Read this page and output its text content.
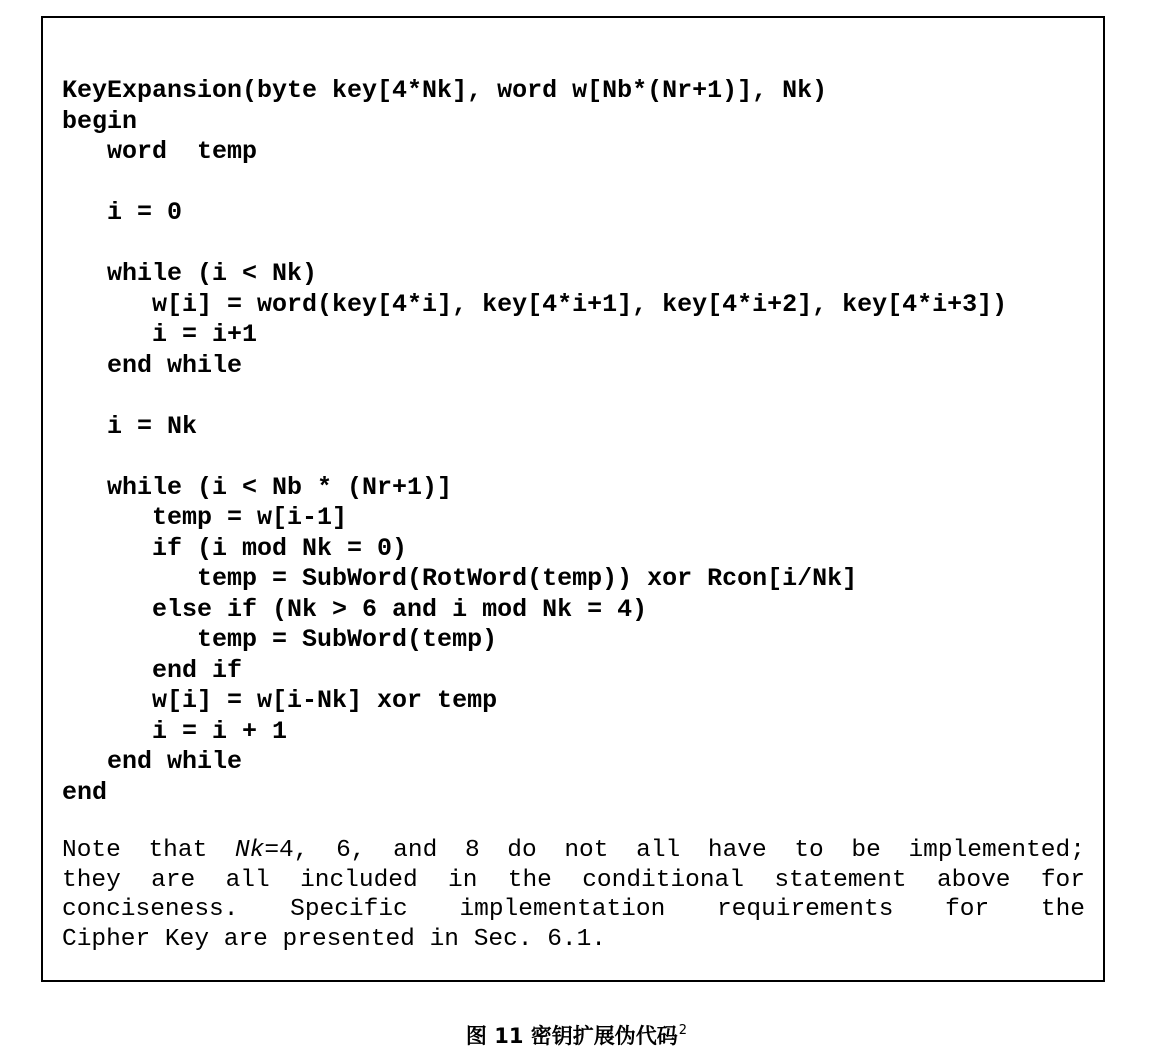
KeyExpansion(byte key[4*Nk], word w[Nb*(Nr+1)], Nk)
begin
word  temp
i = 0
while (i < Nk)
w[i] = word(key[4*i], key[4*i+1], key[4*i+2], key[4*i+3])
i = i+1
end while
i = Nk
while (i < Nb * (Nr+1)]
temp = w[i-1]
if (i mod Nk = 0)
temp = SubWord(RotWord(temp)) xor Rcon[i/Nk]
else if (Nk > 6 and i mod Nk = 4)
temp = SubWord(temp)
end if
w[i] = w[i-Nk] xor temp
i = i + 1
end while
end
Note that Nk=4, 6, and 8 do not all have to be implemented;
they are all included in the conditional statement above for
conciseness. Specific implementation requirements for the
Cipher Key are presented in Sec. 6.1.
图 11 密钥扩展伪代码$^2$
